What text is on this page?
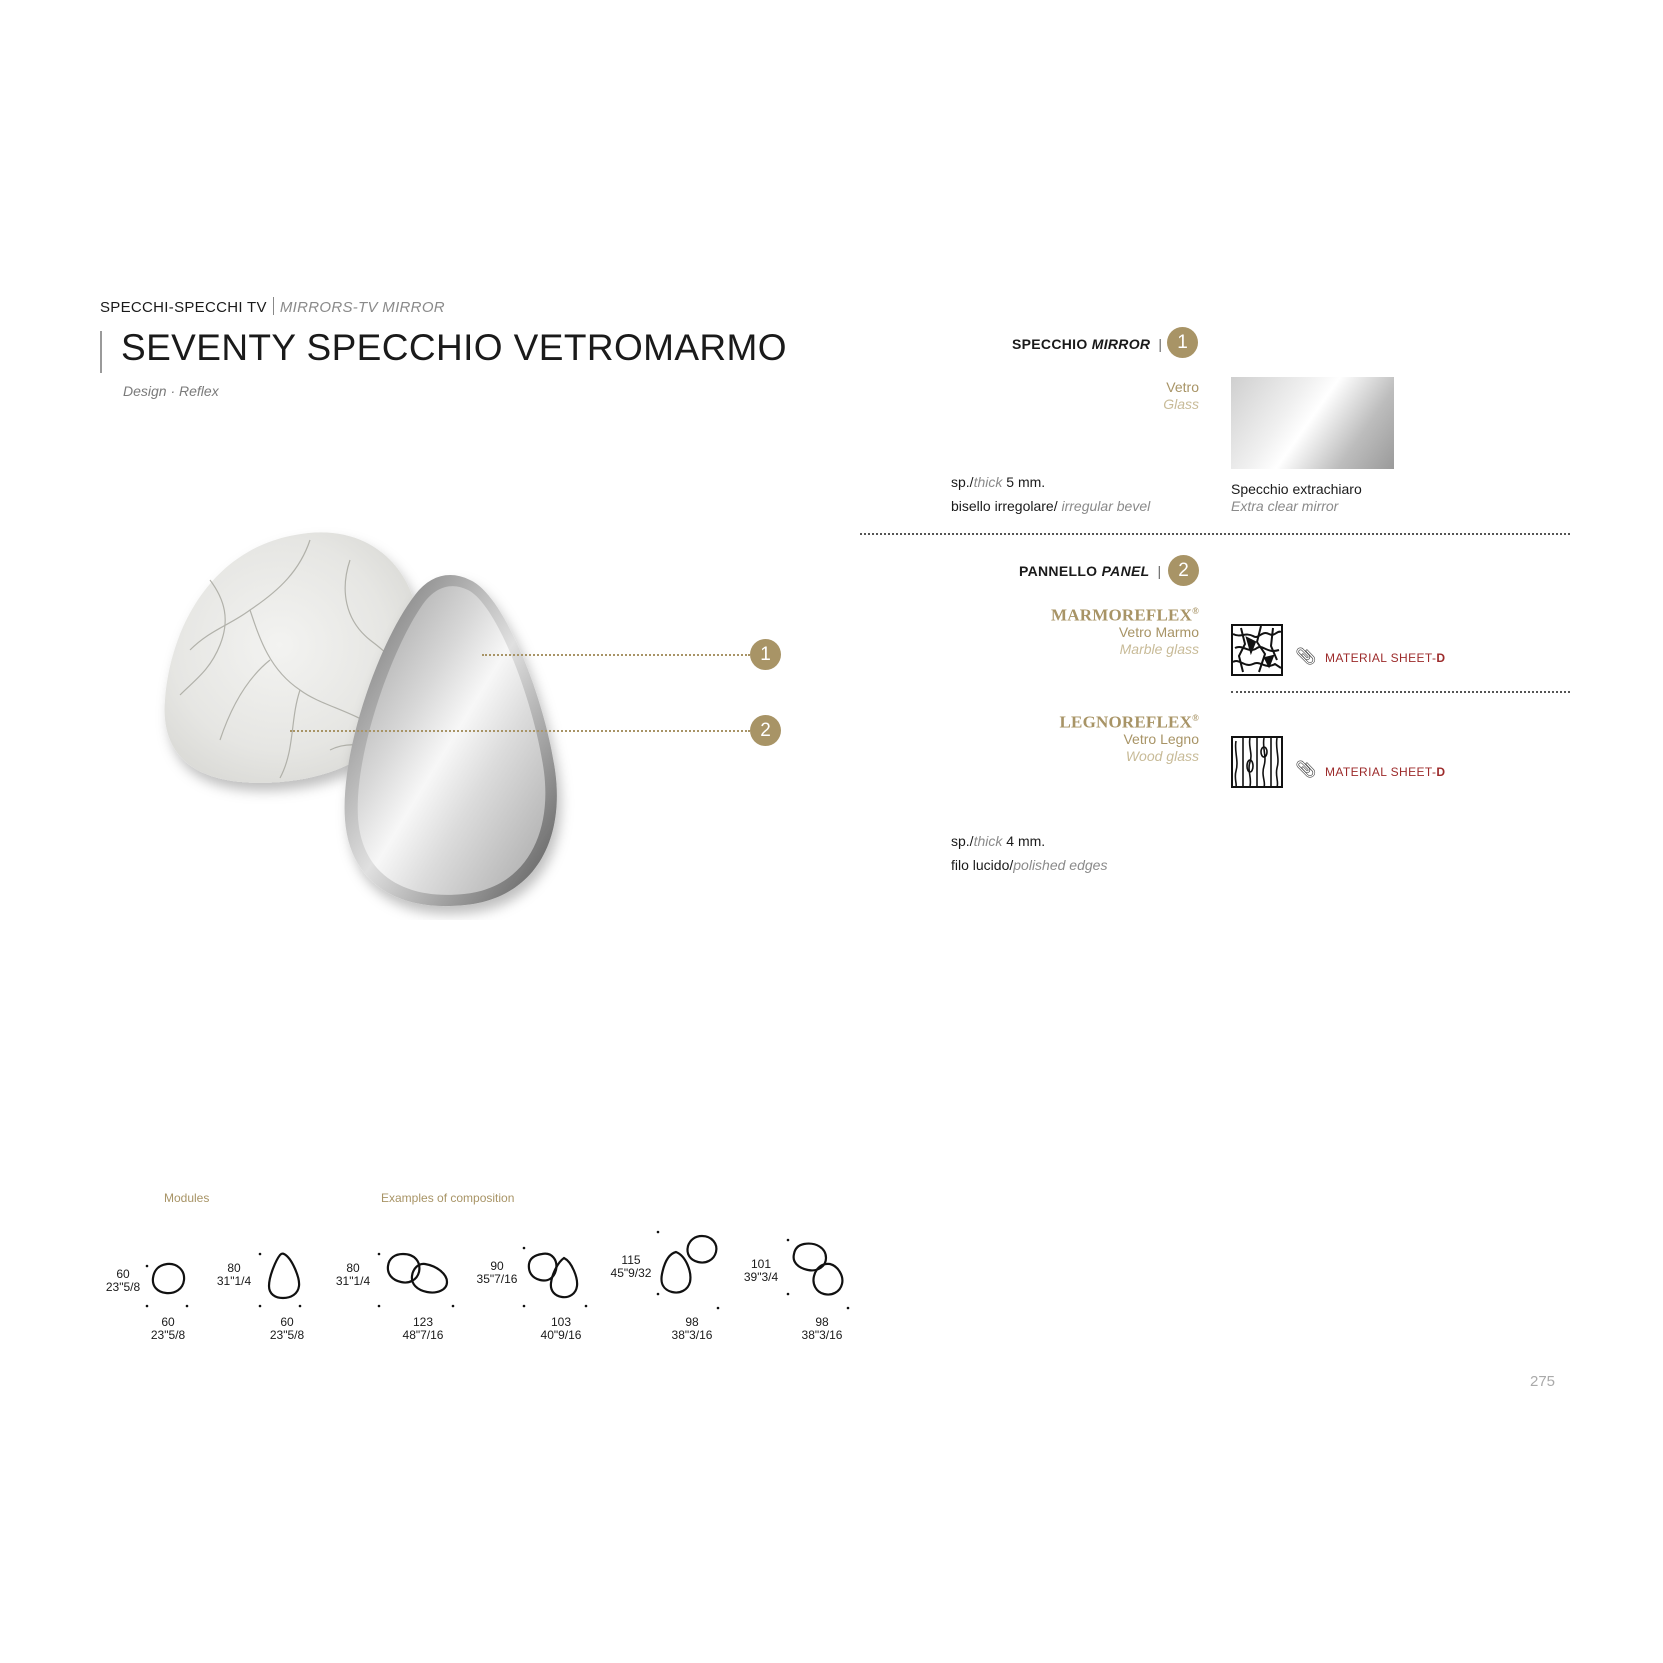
SPECCHI-SPECCHI TV MIRRORS-TV MIRROR
SEVENTY SPECCHIO VETROMARMO
Design · Reflex
1
2
SPECCHIO MIRROR | 1
Vetro
Glass
Specchio extrachiaro
Extra clear mirror
sp./thick 5 mm.
bisello irregolare/ irregular bevel
PANNELLO PANEL | 2
MARMOREFLEX®
Vetro Marmo
Marble glass	📎︎ MATERIAL SHEET-D
LEGNOREFLEX®
Vetro Legno
Wood glass
📎︎ MATERIAL SHEET-D
sp./thick 4 mm.
filo lucido/polished edges
Modules	Examples of composition
60
23"5/8
60
23"5/8
80
31"1/4
60
23"5/8
80
31"1/4
123
48"7/16
90
35"7/16
103
40"9/16
115
45"9/32
98
38"3/16
101
39"3/4
98
38"3/16
275
